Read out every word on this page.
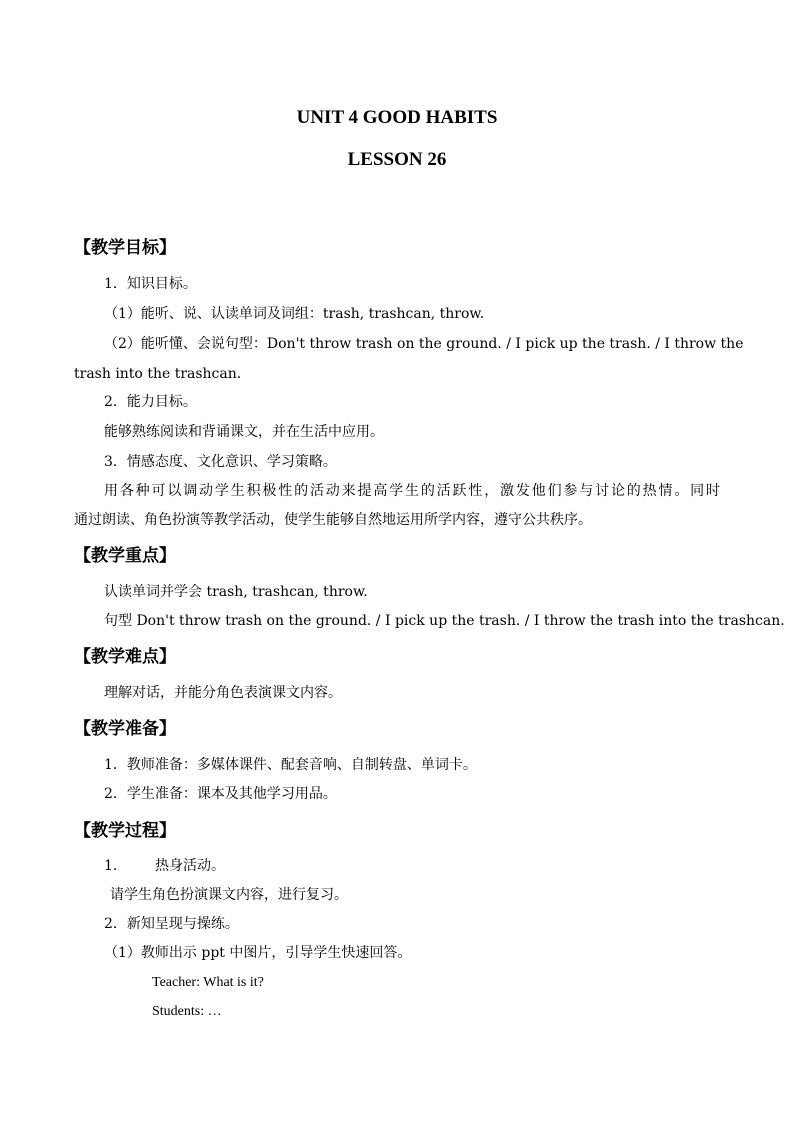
UNIT 4 GOOD HABITS
LESSON 26
【教学目标】
1．知识目标。
（1）能听、说、认读单词及词组：trash, trashcan, throw.
（2）能听懂、会说句型：Don't throw trash on the ground. / I pick up the trash. / I throw the
trash into the trashcan.
2．能力目标。
能够熟练阅读和背诵课文，并在生活中应用。
3．情感态度、文化意识、学习策略。
用各种可以调动学生积极性的活动来提高学生的活跃性，激发他们参与讨论的热情。同时
通过朗读、角色扮演等教学活动，使学生能够自然地运用所学内容，遵守公共秩序。
【教学重点】
认读单词并学会 trash, trashcan, throw.
句型 Don't throw trash on the ground. / I pick up the trash. / I throw the trash into the trashcan.
【教学难点】
理解对话，并能分角色表演课文内容。
【教学准备】
1．教师准备：多媒体课件、配套音响、自制转盘、单词卡。
2．学生准备：课本及其他学习用品。
【教学过程】
1.	热身活动。
请学生角色扮演课文内容，进行复习。
2．新知呈现与操练。
（1）教师出示 ppt 中图片，引导学生快速回答。
Teacher: What is it?
Students: …
